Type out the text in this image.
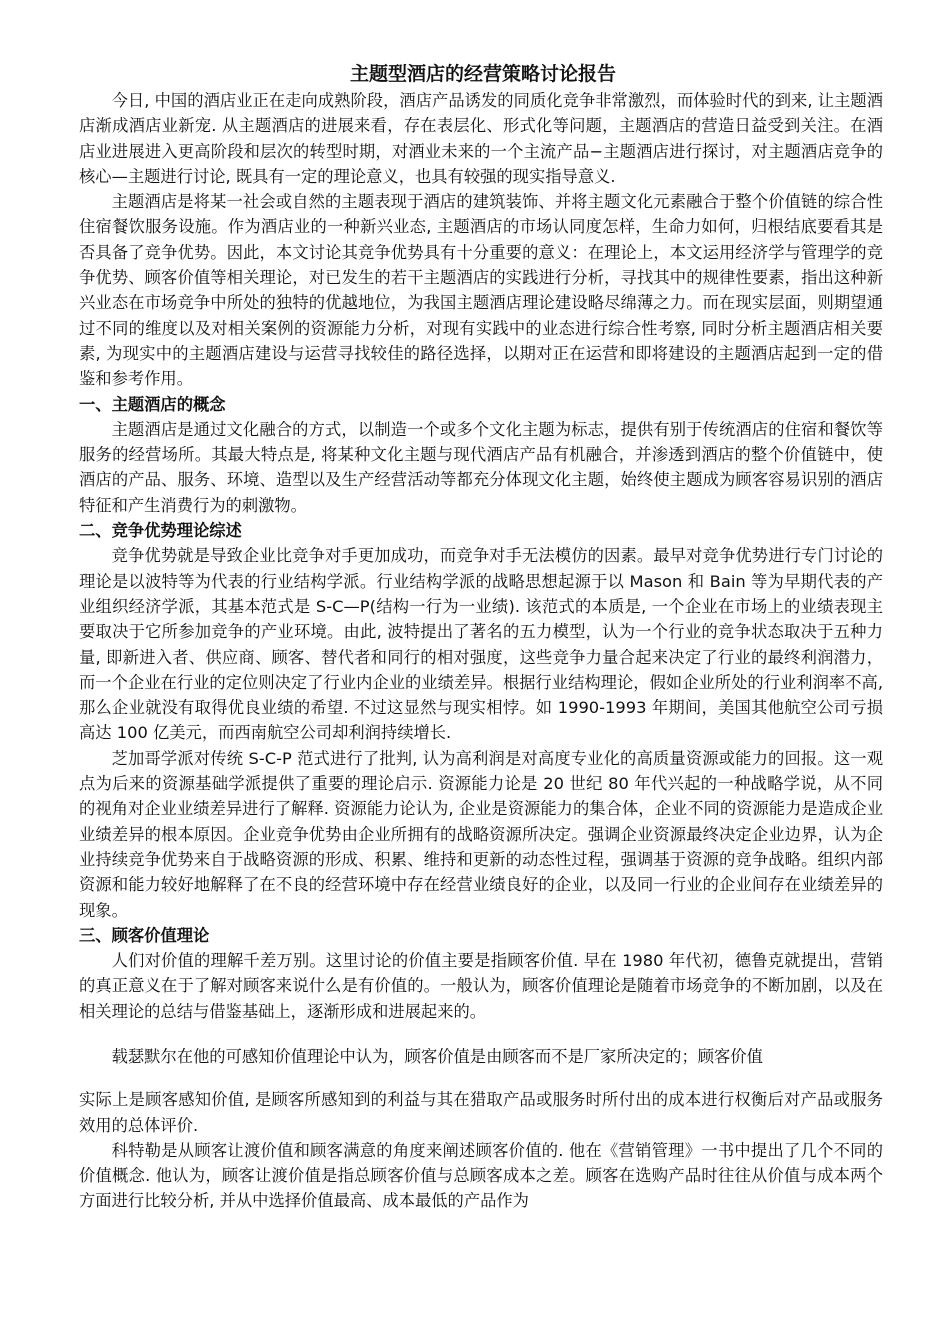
主题型酒店的经营策略讨论报告

今日, 中国的酒店业正在走向成熟阶段，酒店产品诱发的同质化竞争非常激烈，而体验时代的到来, 让主题酒店渐成酒店业新宠. 从主题酒店的进展来看，存在表层化、形式化等问题，主题酒店的营造日益受到关注。在酒店业进展进入更高阶段和层次的转型时期，对酒业未来的一个主流产品−主题酒店进行探讨，对主题酒店竞争的核心—主题进行讨论, 既具有一定的理论意义，也具有较强的现实指导意义.

主题酒店是将某一社会或自然的主题表现于酒店的建筑装饰、并将主题文化元素融合于整个价值链的综合性住宿餐饮服务设施。作为酒店业的一种新兴业态, 主题酒店的市场认同度怎样，生命力如何，归根结底要看其是否具备了竞争优势。因此，本文讨论其竞争优势具有十分重要的意义：在理论上，本文运用经济学与管理学的竞争优势、顾客价值等相关理论，对已发生的若干主题酒店的实践进行分析，寻找其中的规律性要素，指出这种新兴业态在市场竞争中所处的独特的优越地位，为我国主题酒店理论建设略尽绵薄之力。而在现实层面，则期望通过不同的维度以及对相关案例的资源能力分析，对现有实践中的业态进行综合性考察, 同时分析主题酒店相关要素, 为现实中的主题酒店建设与运营寻找较佳的路径选择，以期对正在运营和即将建设的主题酒店起到一定的借鉴和参考作用。

一、主题酒店的概念

主题酒店是通过文化融合的方式，以制造一个或多个文化主题为标志，提供有别于传统酒店的住宿和餐饮等服务的经营场所。其最大特点是, 将某种文化主题与现代酒店产品有机融合，并渗透到酒店的整个价值链中，使酒店的产品、服务、环境、造型以及生产经营活动等都充分体现文化主题，始终使主题成为顾客容易识别的酒店特征和产生消费行为的刺激物。

二、竞争优势理论综述

竞争优势就是导致企业比竞争对手更加成功，而竞争对手无法模仿的因素。最早对竞争优势进行专门讨论的理论是以波特等为代表的行业结构学派。行业结构学派的战略思想起源于以 Mason 和 Bain 等为早期代表的产业组织经济学派，其基本范式是 S-C—P(结构一行为一业绩). 该范式的本质是, 一个企业在市场上的业绩表现主要取决于它所参加竞争的产业环境。由此, 波特提出了著名的五力模型，认为一个行业的竞争状态取决于五种力量, 即新进入者、供应商、顾客、替代者和同行的相对强度，这些竞争力量合起来决定了行业的最终利润潜力，而一个企业在行业的定位则决定了行业内企业的业绩差异。根据行业结构理论，假如企业所处的行业利润率不高, 那么企业就没有取得优良业绩的希望. 不过这显然与现实相悖。如 1990-1993 年期间，美国其他航空公司亏损高达 100 亿美元，而西南航空公司却利润持续增长.

芝加哥学派对传统 S-C-P 范式进行了批判, 认为高利润是对高度专业化的高质量资源或能力的回报。这一观点为后来的资源基础学派提供了重要的理论启示. 资源能力论是 20 世纪 80 年代兴起的一种战略学说，从不同的视角对企业业绩差异进行了解释. 资源能力论认为, 企业是资源能力的集合体，企业不同的资源能力是造成企业业绩差异的根本原因。企业竞争优势由企业所拥有的战略资源所决定。强调企业资源最终决定企业边界，认为企业持续竞争优势来自于战略资源的形成、积累、维持和更新的动态性过程，强调基于资源的竞争战略。组织内部资源和能力较好地解释了在不良的经营环境中存在经营业绩良好的企业，以及同一行业的企业间存在业绩差异的现象。

三、顾客价值理论

人们对价值的理解千差万别。这里讨论的价值主要是指顾客价值. 早在 1980 年代初，德鲁克就提出，营销的真正意义在于了解对顾客来说什么是有价值的。一般认为，顾客价值理论是随着市场竞争的不断加剧，以及在相关理论的总结与借鉴基础上，逐渐形成和进展起来的。

载瑟默尔在他的可感知价值理论中认为，顾客价值是由顾客而不是厂家所决定的；顾客价值

实际上是顾客感知价值, 是顾客所感知到的利益与其在猎取产品或服务时所付出的成本进行权衡后对产品或服务效用的总体评价.

科特勒是从顾客让渡价值和顾客满意的角度来阐述顾客价值的. 他在《营销管理》一书中提出了几个不同的价值概念. 他认为，顾客让渡价值是指总顾客价值与总顾客成本之差。顾客在选购产品时往往从价值与成本两个方面进行比较分析, 并从中选择价值最高、成本最低的产品作为
